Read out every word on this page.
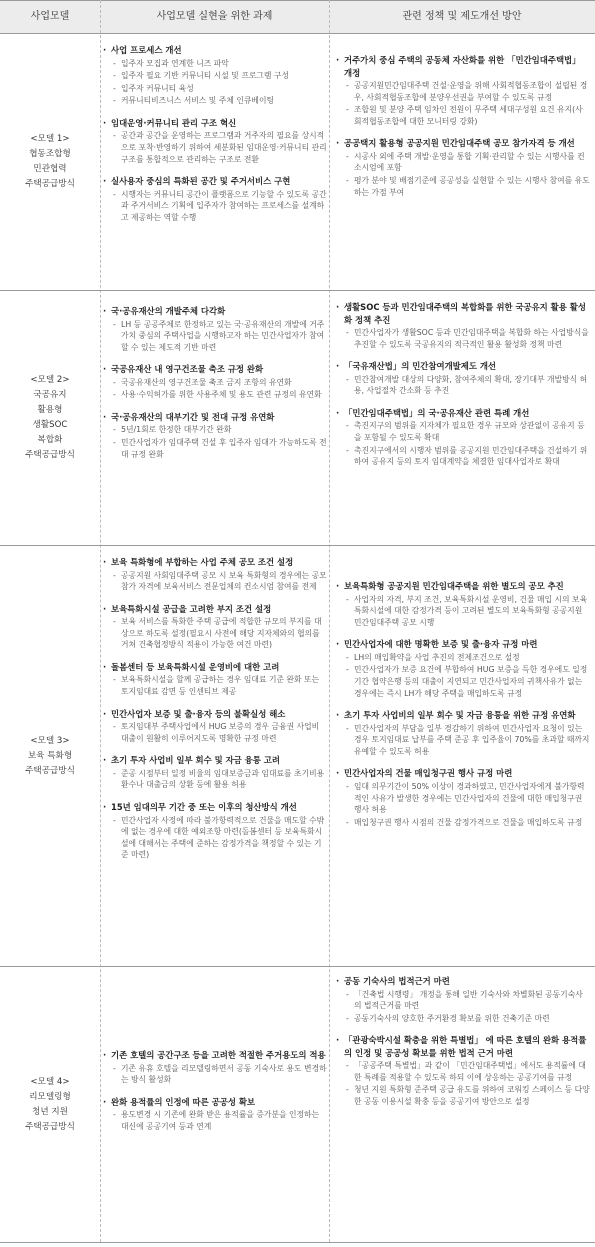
사업모델	사업모델 실현을 위한 과제	관련 정책 및 제도개선 방안
<모델 1>
협동조합형
민관협력
주택공급방식
· 사업 프로세스 개선
- 입주자 모집과 연계한 니즈 파악
- 입주자 필요 기반 커뮤니티 시설 및 프로그램 구성
- 입주자 커뮤니티 육성
- 커뮤니티비즈니스 서비스 및 주체 인큐베이팅
· 임대운영·커뮤니티 관리 구조 혁신
- 공간과 공간을 운영하는 프로그램과 거주자의 필요를 상시적으로 포착·반영하기 위하여 세분화된 임대운영·커뮤니티 관리 구조를 통합적으로 관리하는 구조로 전환
· 실사용자 중심의 특화된 공간 및 주거서비스 구현
- 시행자는 커뮤니티 공간이 플랫폼으로 기능할 수 있도록 공간과 주거서비스 기획에 입주자가 참여하는 프로세스를 설계하고 제공하는 역할 수행
· 거주가치 중심 주택의 공동체 자산화를 위한 「민간임대주택법」 개정
- 공공지원민간임대주택 건설·운영을 위해 사회적협동조합이 설립된 경우, 사회적협동조합에 분양우선권을 부여할 수 있도록 규정
- 조합원 및 분양 주택 임차인 전원이 무주택 세대구성원 요건 유지(사회적협동조합에 대한 모니터링 강화)
· 공공택지 활용형 공공지원 민간임대주택 공모 참가자격 등 개선
- 시공사 외에 주택 개발·운영을 통합 기획·관리할 수 있는 시행사를 컨소시엄에 포함
- 평가 분야 및 배점기준에 공공성을 실현할 수 있는 시행사 참여를 유도하는 가점 부여
<모델 2>
국공유지
활용형
생활SOC
복합화
주택공급방식
· 국·공유재산의 개발주체 다각화
- LH 등 공공주체로 한정하고 있는 국·공유재산의 개발에 거주가치 중심의 주택사업을 시행하고자 하는 민간사업자가 참여할 수 있는 제도적 기반 마련
· 국공유재산 내 영구건조물 축조 규정 완화
- 국공유재산의 영구건조물 축조 금지 조항의 유연화
- 사용·수익허가를 위한 사용주체 및 용도 관련 규정의 유연화
· 국·공유재산의 대부기간 및 전대 규정 유연화
- 5년/1회로 한정한 대부기간 완화
- 민간사업자가 임대주택 건설 후 입주자 임대가 가능하도록 전대 규정 완화
· 생활SOC 등과 민간임대주택의 복합화를 위한 국공유지 활용 활성화 정책 추진
- 민간사업자가 생활SOC 등과 민간임대주택을 복합화 하는 사업방식을 추진할 수 있도록 국공유지의 적극적인 활용 활성화 정책 마련
· 「국유재산법」의 민간참여개발제도 개선
- 민간참여개발 대상의 다양화, 참여주체의 확대, 장기대부 개발방식 허용, 사업절차 간소화 등 추진
· 「민간임대주택법」의 국·공유재산 관련 특례 개선
- 촉진지구의 범위를 지자체가 필요한 경우 규모와 상관없이 공유지 등을 포함될 수 있도록 확대
- 촉진지구에서의 시행자 범위를 공공지원 민간임대주택을 건설하기 위하여 공유지 등의 토지 임대계약을 체결한 임대사업자로 확대
<모델 3>
보육 특화형
주택공급방식
· 보육 특화형에 부합하는 사업 주체 공모 조건 설정
- 공공지원 사회임대주택 공모 시 보육 특화형의 경우에는 공모 참가 자격에 보육서비스 전문업체의 컨소시엄 참여를 전제
· 보육특화시설 공급을 고려한 부지 조건 설정
- 보육 서비스를 특화한 주택 공급에 적합한 규모의 부지를 대상으로 하도록 설정(필요시 사전에 해당 지자체와의 협의를 거쳐 건축협정방식 적용이 가능한 여건 마련)
· 돌봄센터 등 보육특화시설 운영비에 대한 고려
- 보육특화시설을 할께 공급하는 경우 임대료 기준 완화 또는 토지임대료 감면 등 인센티브 제공
· 민간사업자 보증 및 출·융자 등의 불확실성 해소
- 토지임대부 주택사업에서 HUG 보증의 경우 금융권 사업비 대출이 원활히 이루어지도록 명확한 규정 마련
· 초기 투자 사업비 일부 회수 및 자금 융통 고려
- 준공 시점부터 일정 비율의 임대보증금과 임대료를 초기비용 환수나 대출금의 상환 등에 활용 허용
· 15년 임대의무 기간 중 또는 이후의 청산방식 개선
- 민간사업자 사정에 따라 불가항력적으로 건물을 매도할 수밖에 없는 경우에 대한 예외조항 마련(돌봄센터 등 보육특화시설에 대해서는 주택에 준하는 감정가격을 책정할 수 있는 기준 마련)
· 보육특화형 공공지원 민간임대주택을 위한 별도의 공모 추진
- 사업자의 자격, 부지 조건, 보육특화시설 운영비, 건물 매입 시의 보육특화시설에 대한 감정가격 등이 고려된 별도의 보육특화형 공공지원 민간임대주택 공모 시행
· 민간사업자에 대한 명확한 보증 및 출·융자 규정 마련
- LH의 매입확약을 사업 추진의 전제조건으로 설정
- 민간사업자가 보증 요건에 부합하여 HUG 보증을 득한 경우에도 일정 기간 협약은행 등의 대출이 지연되고 민간사업자의 귀책사유가 없는 경우에는 즉시 LH가 해당 주택을 매입하도록 규정
· 초기 투자 사업비의 일부 회수 및 자금 융통을 위한 규정 유연화
- 민간사업자의 부담을 일부 경감하기 위하여 민간사업자 요청이 있는 경우 토지임대료 납부를 주택 준공 후 입주율이 70%를 초과할 때까지 유예할 수 있도록 허용
· 민간사업자의 건물 매입청구권 행사 규정 마련
- 임대 의무기간이 50% 이상이 경과하였고, 민간사업자에게 불가항력적인 사유가 발생한 경우에는 민간사업자의 건물에 대한 매입청구권 행사 허용
- 매입청구권 행사 시점의 건물 감정가격으로 건물을 매입하도록 규정
<모델 4>
리모델링형
청년 지원
주택공급방식
· 기존 호텔의 공간구조 등을 고려한 적절한 주거용도의 적용
- 기존 유휴 호텔을 리모델링하면서 공동 기숙사로 용도 변경하는 방식 활성화
· 완화 용적률의 인정에 따른 공공성 확보
- 용도변경 시 기존에 완화 받은 용적률을 증가분을 인정하는 대신에 공공기여 등과 연계
· 공동 기숙사의 법적근거 마련
- 「건축법 시행령」 개정을 통해 일반 기숙사와 차별화된 공동기숙사의 법적근거를 마련
- 공동기숙사의 양호한 주거환경 확보를 위한 건축기준 마련
· 「관광숙박시설 확충을 위한 특별법」 에 따른 호텔의 완화 용적률의 인정 및 공공성 확보를 위한 법적 근거 마련
- 「공공주택 특별법」과 같이 「민간임대주택법」에서도 용적률에 대한 특례를 적용할 수 있도록 하되 이에 상응하는 공공기여를 규정
- 청년 지원 특화형 준주택 공급 유도를 위하여 코워킹 스페이스 등 다양한 공동 이용시설 확충 등을 공공기여 방안으로 설정
